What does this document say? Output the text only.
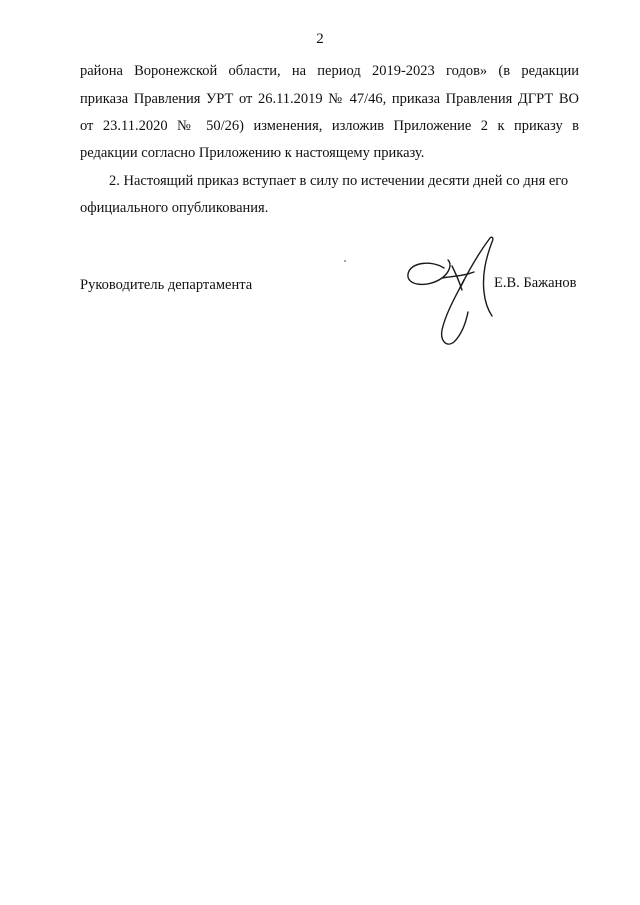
2
района Воронежской области, на период 2019-2023 годов» (в редакции
приказа Правления УРТ от 26.11.2019 № 47/46, приказа Правления ДГРТ ВО
от 23.11.2020 № 50/26) изменения, изложив Приложение 2 к приказу в
редакции согласно Приложению к настоящему приказу.
2. Настоящий приказ вступает в силу по истечении десяти дней со дня его
официального опубликования.
Руководитель департамента	Е.В. Бажанов
